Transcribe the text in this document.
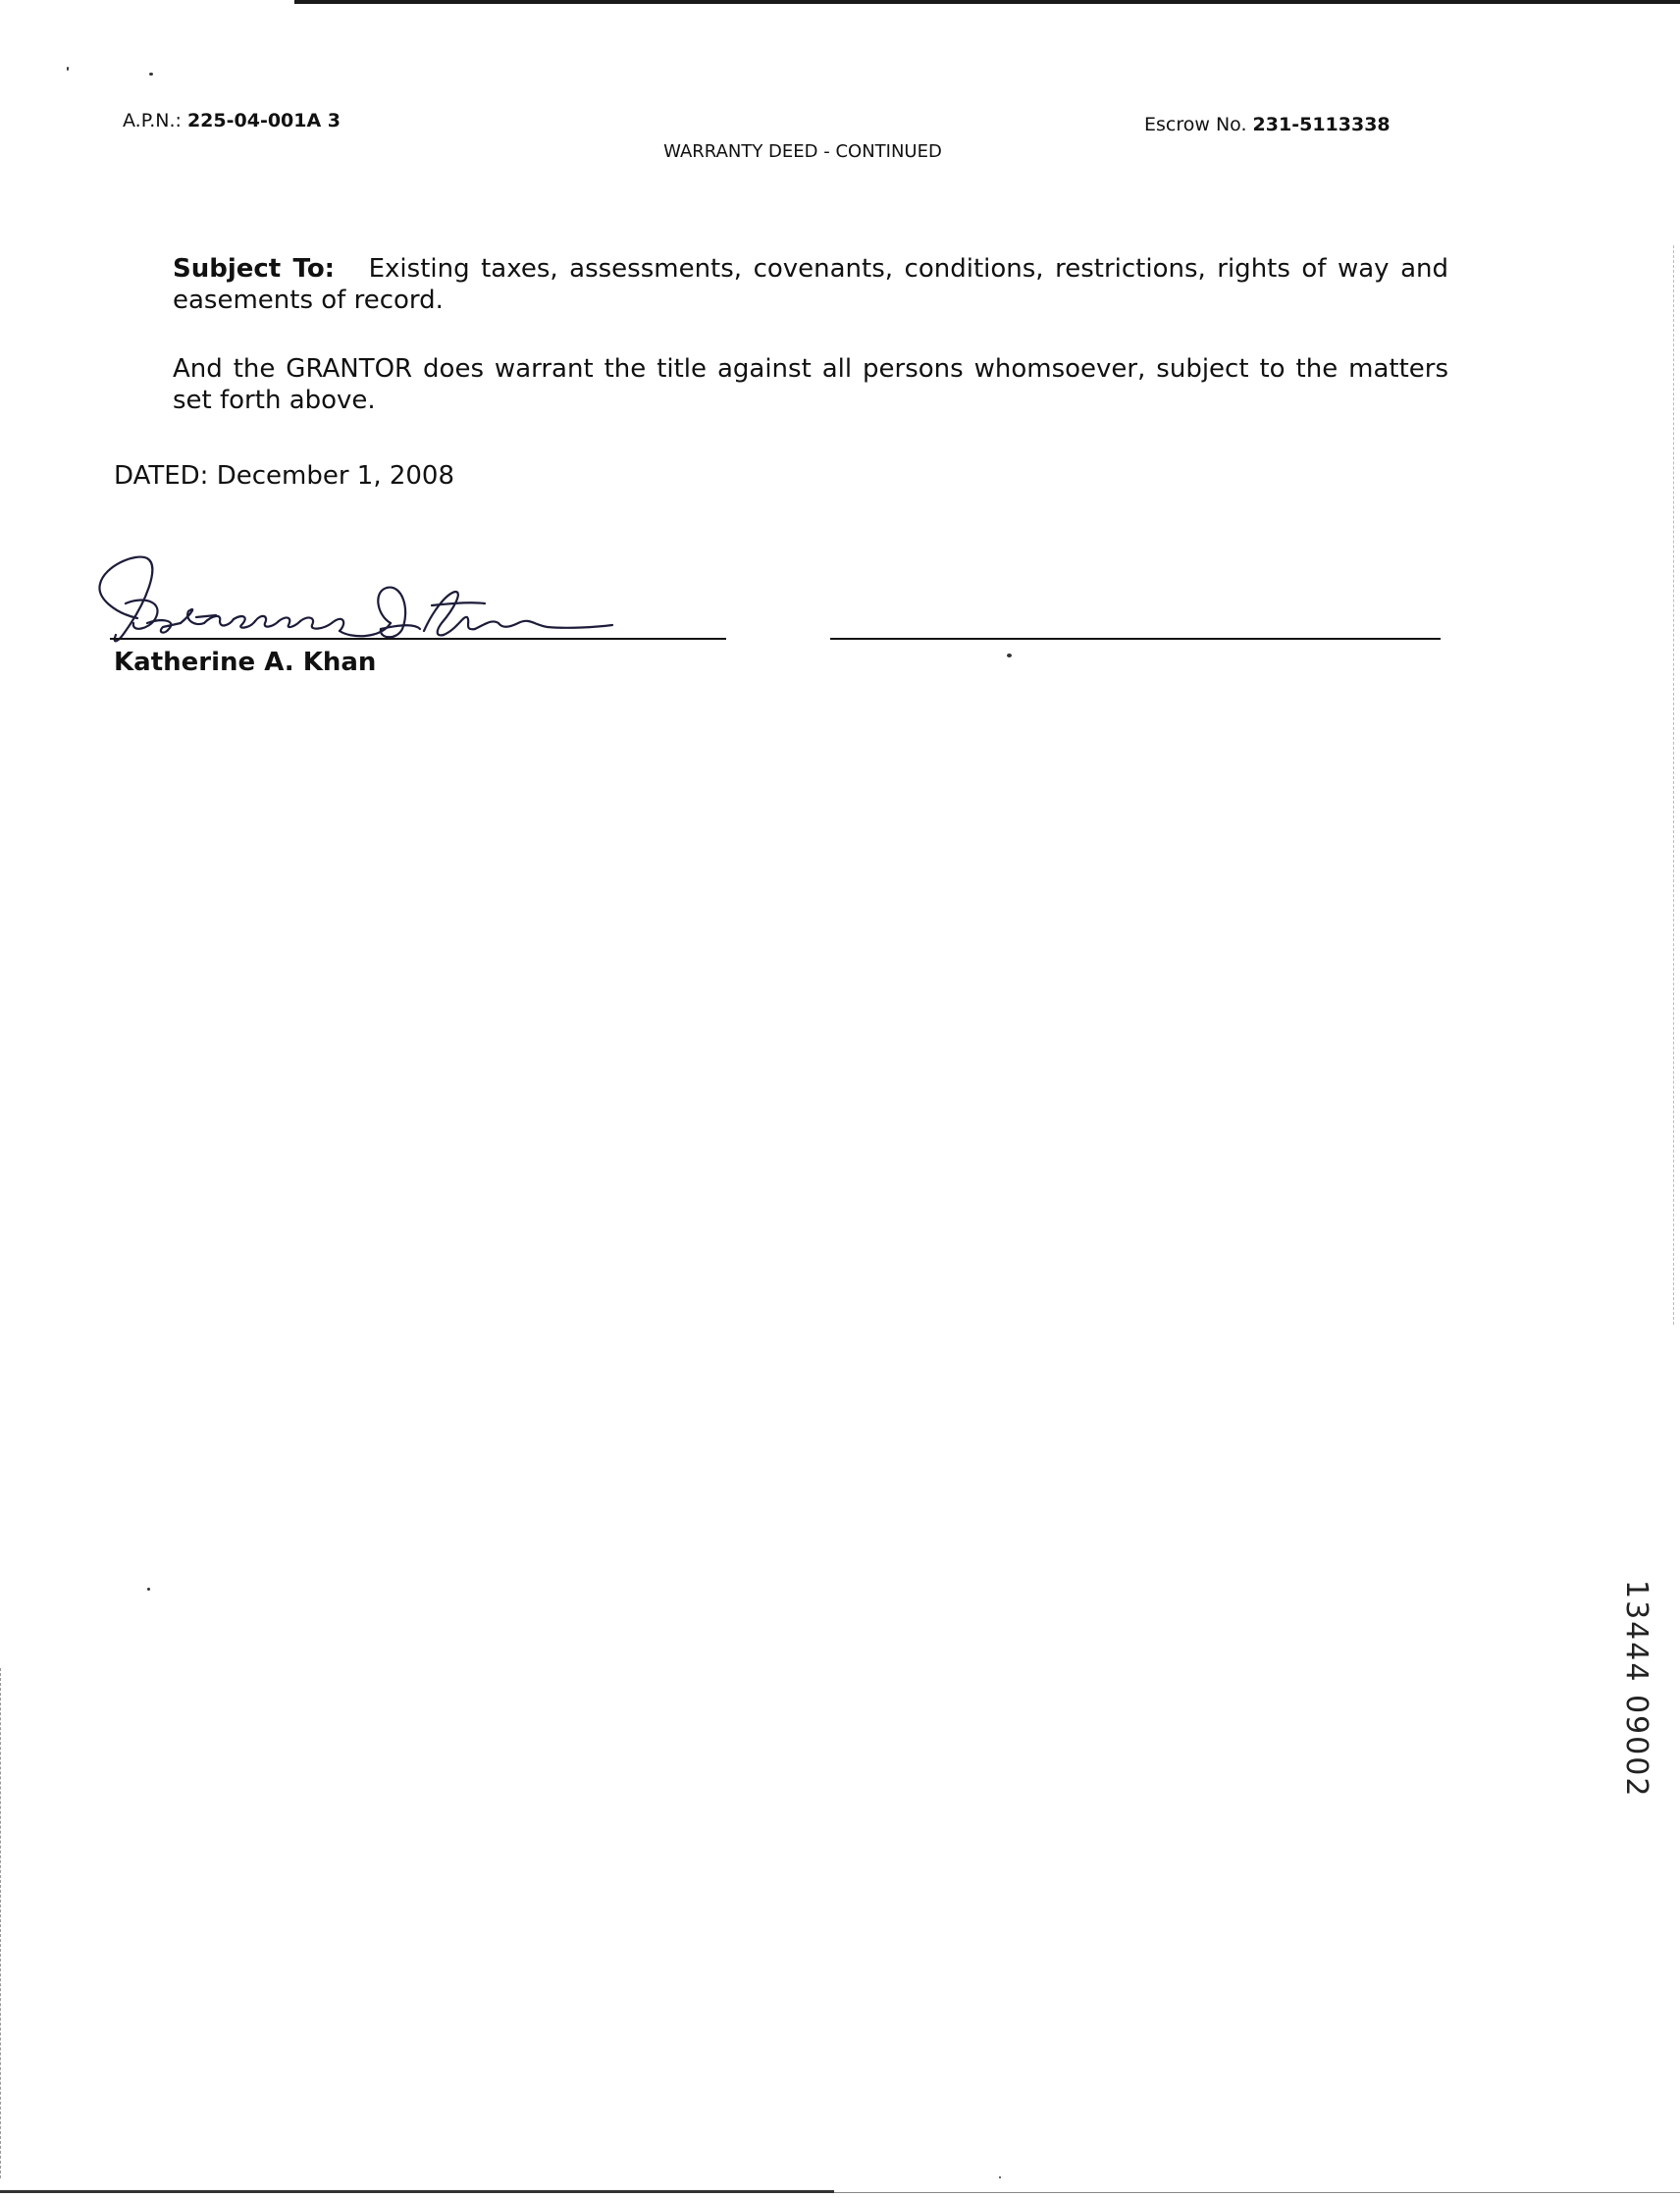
A.P.N.: 225-04-001A 3	Escrow No. 231-5113338
WARRANTY DEED - CONTINUED

Subject To: Existing taxes, assessments, covenants, conditions, restrictions, rights of way and easements of record.

And the GRANTOR does warrant the title against all persons whomsoever, subject to the matters set forth above.

DATED: December 1, 2008
Katherine A. Khan
13444 09002
